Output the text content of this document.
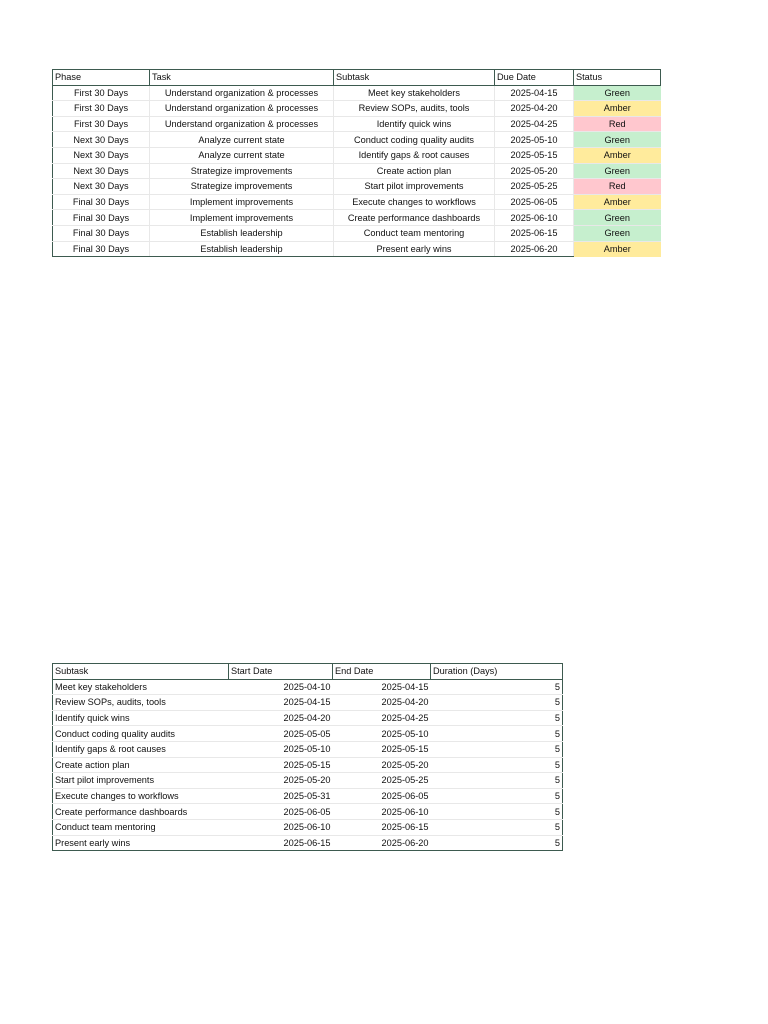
Phase	Task	Subtask	Due Date	Status
First 30 Days	Understand organization & processes	Meet key stakeholders	2025-04-15	Green
First 30 Days	Understand organization & processes	Review SOPs, audits, tools	2025-04-20	Amber
First 30 Days	Understand organization & processes	Identify quick wins	2025-04-25	Red
Next 30 Days	Analyze current state	Conduct coding quality audits	2025-05-10	Green
Next 30 Days	Analyze current state	Identify gaps & root causes	2025-05-15	Amber
Next 30 Days	Strategize improvements	Create action plan	2025-05-20	Green
Next 30 Days	Strategize improvements	Start pilot improvements	2025-05-25	Red
Final 30 Days	Implement improvements	Execute changes to workflows	2025-06-05	Amber
Final 30 Days	Implement improvements	Create performance dashboards	2025-06-10	Green
Final 30 Days	Establish leadership	Conduct team mentoring	2025-06-15	Green
Final 30 Days	Establish leadership	Present early wins	2025-06-20	Amber
Subtask	Start Date	End Date	Duration (Days)
Meet key stakeholders	2025-04-10	2025-04-15	5
Review SOPs, audits, tools	2025-04-15	2025-04-20	5
Identify quick wins	2025-04-20	2025-04-25	5
Conduct coding quality audits	2025-05-05	2025-05-10	5
Identify gaps & root causes	2025-05-10	2025-05-15	5
Create action plan	2025-05-15	2025-05-20	5
Start pilot improvements	2025-05-20	2025-05-25	5
Execute changes to workflows	2025-05-31	2025-06-05	5
Create performance dashboards	2025-06-05	2025-06-10	5
Conduct team mentoring	2025-06-10	2025-06-15	5
Present early wins	2025-06-15	2025-06-20	5
